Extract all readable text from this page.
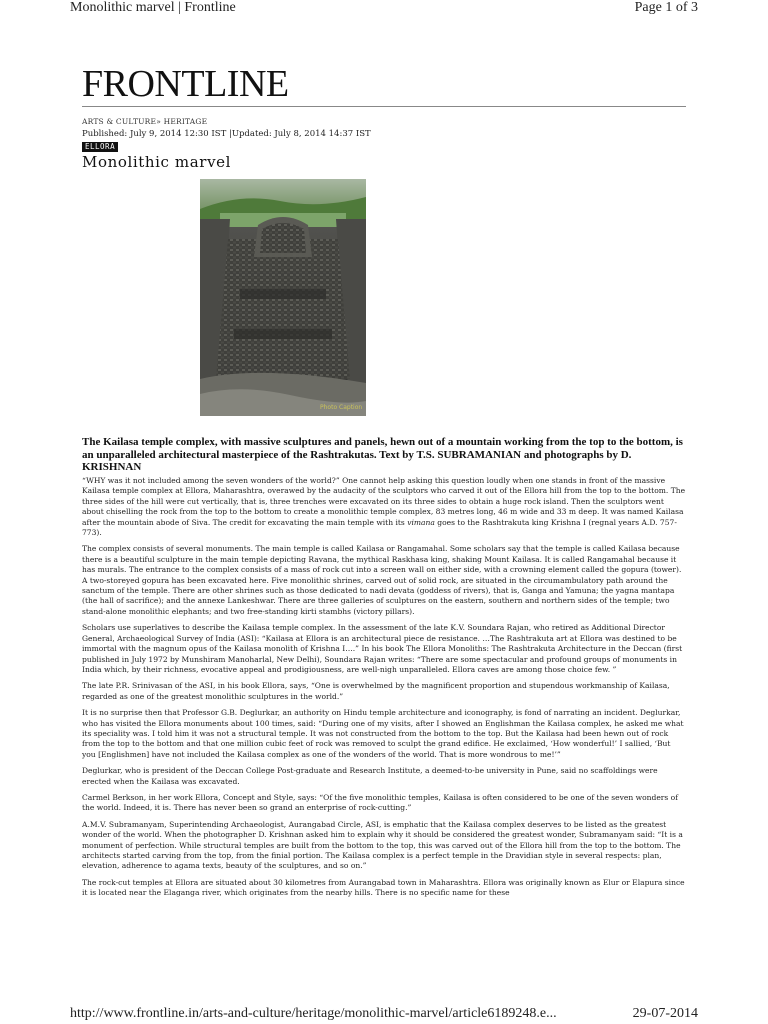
Monolithic marvel | Frontline	Page 1 of 3
FRONTLINE
ARTS & CULTURE» HERITAGE
Published: July 9, 2014 12:30 IST |Updated: July 8, 2014 14:37 IST
ELLORA
Monolithic marvel
Photo Caption
The Kailasa temple complex, with massive sculptures and panels, hewn out of a mountain working from the top to the bottom, is an unparalleled architectural masterpiece of the Rashtrakutas. Text by T.S. SUBRAMANIAN and photographs by D. KRISHNAN

“WHY was it not included among the seven wonders of the world?” One cannot help asking this question loudly when one stands in front of the massive Kailasa temple complex at Ellora, Maharashtra, overawed by the audacity of the sculptors who carved it out of the Ellora hill from the top to the bottom. The three sides of the hill were cut vertically, that is, three trenches were excavated on its three sides to obtain a huge rock island. Then the sculptors went about chiselling the rock from the top to the bottom to create a monolithic temple complex, 83 metres long, 46 m wide and 33 m deep. It was named Kailasa after the mountain abode of Siva. The credit for excavating the main temple with its vimana goes to the Rashtrakuta king Krishna I (regnal years A.D. 757-773).

The complex consists of several monuments. The main temple is called Kailasa or Rangamahal. Some scholars say that the temple is called Kailasa because there is a beautiful sculpture in the main temple depicting Ravana, the mythical Raskhasa king, shaking Mount Kailasa. It is called Rangamahal because it has murals. The entrance to the complex consists of a mass of rock cut into a screen wall on either side, with a crowning element called the gopura (tower). A two-storeyed gopura has been excavated here. Five monolithic shrines, carved out of solid rock, are situated in the circumambulatory path around the sanctum of the temple. There are other shrines such as those dedicated to nadi devata (goddess of rivers), that is, Ganga and Yamuna; the yagna mantapa (the hall of sacrifice); and the annexe Lankeshwar. There are three galleries of sculptures on the eastern, southern and northern sides of the temple; two stand-alone monolithic elephants; and two free-standing kirti stambhs (victory pillars).

Scholars use superlatives to describe the Kailasa temple complex. In the assessment of the late K.V. Soundara Rajan, who retired as Additional Director General, Archaeological Survey of India (ASI): “Kailasa at Ellora is an architectural piece de resistance. …The Rashtrakuta art at Ellora was destined to be immortal with the magnum opus of the Kailasa monolith of Krishna I….” In his book The Ellora Monoliths: The Rashtrakuta Architecture in the Deccan (first published in July 1972 by Munshiram Manoharlal, New Delhi), Soundara Rajan writes: “There are some spectacular and profound groups of monuments in India which, by their richness, evocative appeal and prodigiousness, are well-nigh unparalleled. Ellora caves are among those choice few. ”

The late P.R. Srinivasan of the ASI, in his book Ellora, says, “One is overwhelmed by the magnificent proportion and stupendous workmanship of Kailasa, regarded as one of the greatest monolithic sculptures in the world.”

It is no surprise then that Professor G.B. Deglurkar, an authority on Hindu temple architecture and iconography, is fond of narrating an incident. Deglurkar, who has visited the Ellora monuments about 100 times, said: “During one of my visits, after I showed an Englishman the Kailasa complex, he asked me what its speciality was. I told him it was not a structural temple. It was not constructed from the bottom to the top. But the Kailasa had been hewn out of rock from the top to the bottom and that one million cubic feet of rock was removed to sculpt the grand edifice. He exclaimed, ‘How wonderful!’ I sallied, ‘But you [Englishmen] have not included the Kailasa complex as one of the wonders of the world. That is more wondrous to me!’”

Deglurkar, who is president of the Deccan College Post-graduate and Research Institute, a deemed-to-be university in Pune, said no scaffoldings were erected when the Kailasa was excavated.

Carmel Berkson, in her work Ellora, Concept and Style, says: “Of the five monolithic temples, Kailasa is often considered to be one of the seven wonders of the world. Indeed, it is. There has never been so grand an enterprise of rock-cutting.”

A.M.V. Subramanyam, Superintending Archaeologist, Aurangabad Circle, ASI, is emphatic that the Kailasa complex deserves to be listed as the greatest wonder of the world. When the photographer D. Krishnan asked him to explain why it should be considered the greatest wonder, Subramanyam said: “It is a monument of perfection. While structural temples are built from the bottom to the top, this was carved out of the Ellora hill from the top to the bottom. The architects started carving from the top, from the finial portion. The Kailasa complex is a perfect temple in the Dravidian style in several respects: plan, elevation, adherence to agama texts, beauty of the sculptures, and so on.”

The rock-cut temples at Ellora are situated about 30 kilometres from Aurangabad town in Maharashtra. Ellora was originally known as Elur or Elapura since it is located near the Elaganga river, which originates from the nearby hills. There is no specific name for these

http://www.frontline.in/arts-and-culture/heritage/monolithic-marvel/article6189248.e...	29-07-2014
